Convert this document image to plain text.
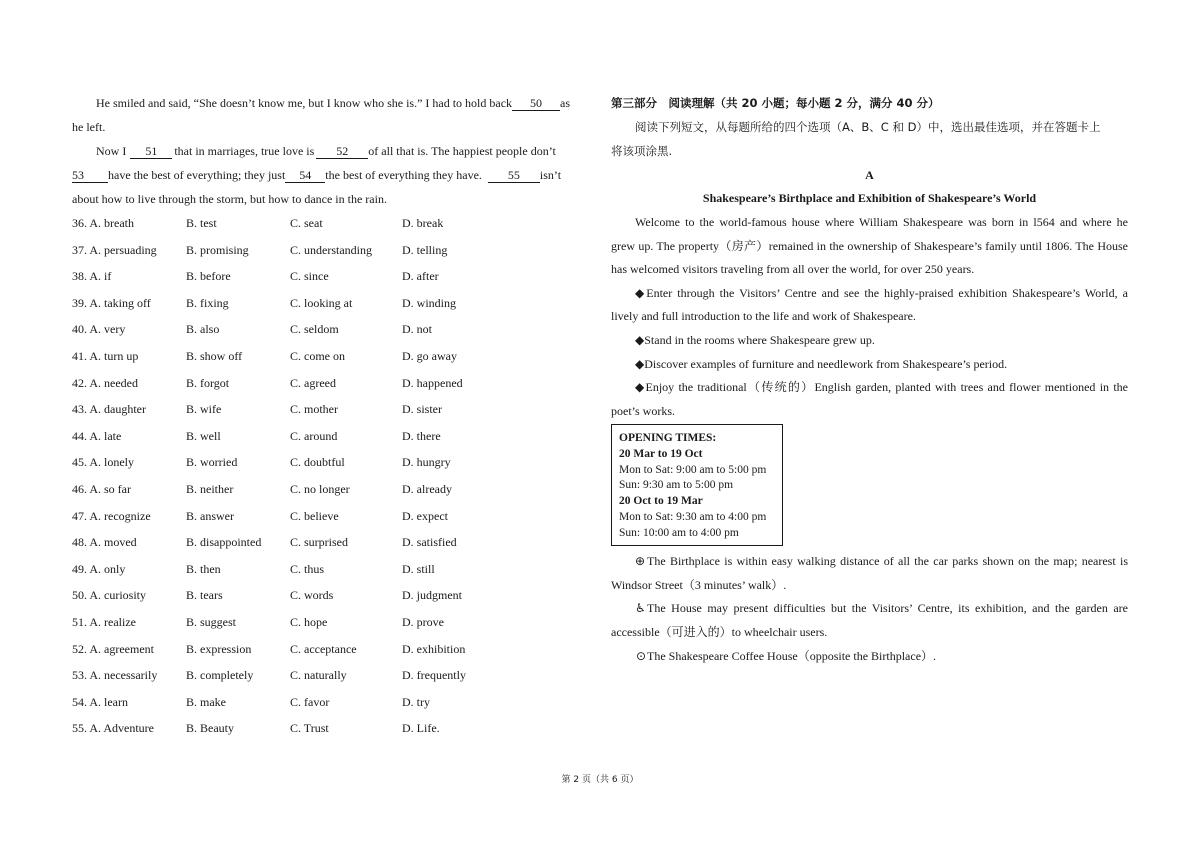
He smiled and said, “She doesn’t know me, but I know who she is.” I had to hold back 50 as
he left.
Now I 51 that in marriages, true love is 52 of all that is. The happiest people don’t
53 have the best of everything; they just 54 the best of everything they have. 55 isn’t
about how to live through the storm, but how to dance in the rain.
36. A. breath	B. test	C. seat	D. break
37. A. persuading B. promising	C. understanding	D. telling
38. A. if	B. before	C. since	D. after
39. A. taking off	B. fixing	C. looking at	D. winding
40. A. very	B. also	C. seldom	D. not
41. A. turn up	B. show off	C. come on	D. go away
42. A. needed	B. forgot	C. agreed	D. happened
43. A. daughter	B. wife	C. mother	D. sister
44. A. late	B. well	C. around	D. there
45. A. lonely	B. worried	C. doubtful	D. hungry
46. A. so far	B. neither	C. no longer	D. already
47. A. recognize	B. answer	C. believe	D. expect
48. A. moved	B. disappointed C. surprised	D. satisfied
49. A. only	B. then	C. thus	D. still
50. A. curiosity	B. tears	C. words	D. judgment
51. A. realize	B. suggest	C. hope	D. prove
52. A. agreement	B. expression	C. acceptance	D. exhibition
53. A. necessarily B. completely	C. naturally	D. frequently
54. A. learn	B. make	C. favor	D. try
55. A. Adventure	B. Beauty	C. Trust	D. Life.
第三部分　阅读理解（共 20 小题；每小题 2 分，满分 40 分）
阅读下列短文，从每题所给的四个选项（A、B、C 和 D）中，选出最佳选项，并在答题卡上
将该项涂黑.
A
Shakespeare’s Birthplace and Exhibition of Shakespeare’s World
Welcome to the world-famous house where William Shakespeare was born in l564 and where he
grew up. The property（房产）remained in the ownership of Shakespeare’s family until 1806. The House
has welcomed visitors traveling from all over the world, for over 250 years.
◆Enter through the Visitors’ Centre and see the highly-praised exhibition Shakespeare’s World, a
lively and full introduction to the life and work of Shakespeare.
◆Stand in the rooms where Shakespeare grew up.
◆Discover examples of furniture and needlework from Shakespeare’s period.
◆Enjoy the traditional（传统的）English garden, planted with trees and flower mentioned in the
poet’s works.
OPENING TIMES:
20 Mar to 19 Oct
Mon to Sat: 9:00 am to 5:00 pm
Sun: 9:30 am to 5:00 pm
20 Oct to 19 Mar
Mon to Sat: 9:30 am to 4:00 pm
Sun: 10:00 am to 4:00 pm
⊕ The Birthplace is within easy walking distance of all the car parks shown on the map; nearest is
Windsor Street（3 minutes’ walk）.
♿The House may present difficulties but the Visitors’ Centre, its exhibition, and the garden are
accessible（可进入的）to wheelchair users.
⊙The Shakespeare Coffee House（opposite the Birthplace）.
第 2 页（共 6 页）
